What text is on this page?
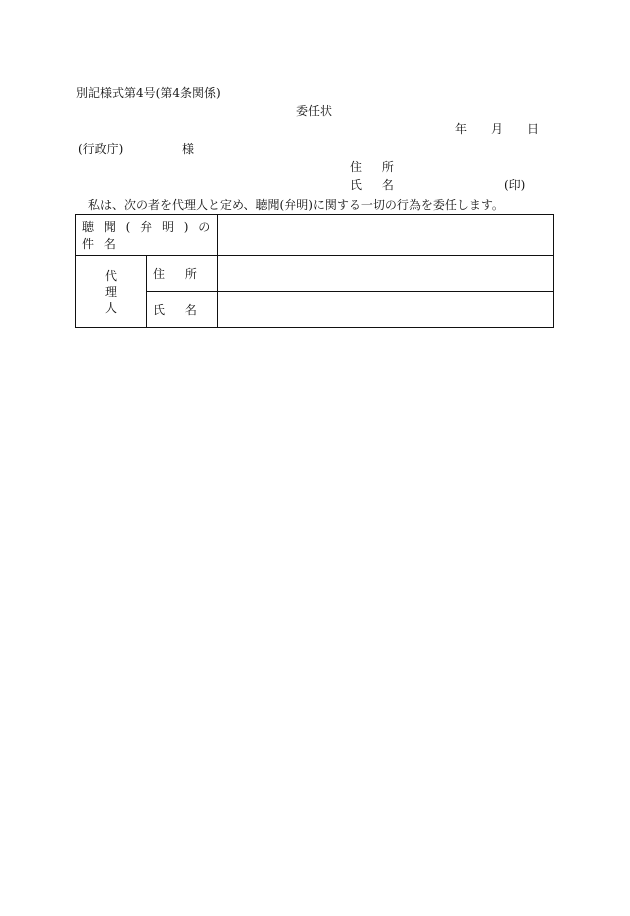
別記様式第4号(第4条関係)
委任状
年 月 日
(行政庁)	様
住 所
氏 名	(印)
私は、次の者を代理人と定め、聴聞(弁明)に関する一切の行為を委任します。
聴 聞 ( 弁 明 ) の 件 名		

代
理
人	住 所	
	氏 名	
